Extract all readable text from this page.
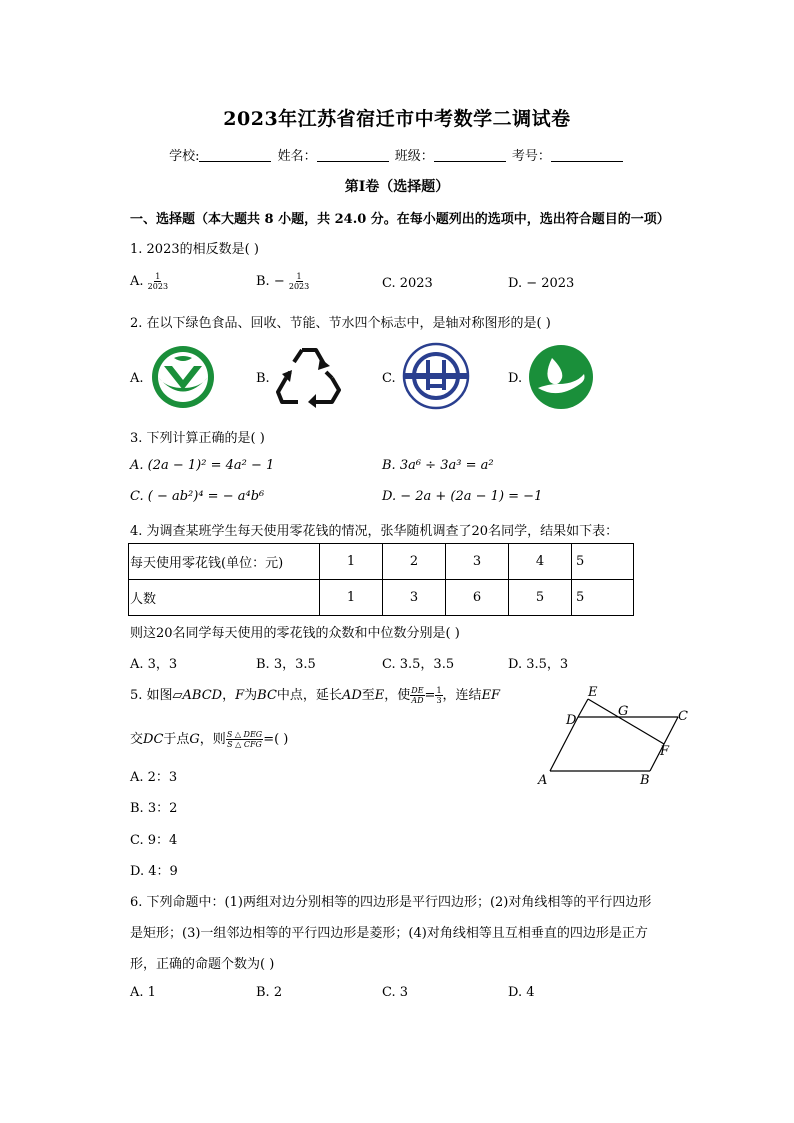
2023年江苏省宿迁市中考数学二调试卷
学校:	姓名：	班级：	考号：
第I卷（选择题）
一、选择题（本大题共 8 小题，共 24.0 分。在每小题列出的选项中，选出符合题目的一项）
1. 2023的相反数是( )
A. $\frac{1}{2023}$	B. − $\frac{1}{2023}$	C. 2023	D. − 2023
2. 在以下绿色食品、回收、节能、节水四个标志中，是轴对称图形的是( )
A.	B.	C.	D.
3. 下列计算正确的是( )
A. (2a − 1)² = 4a² − 1	B. 3a⁶ ÷ 3a³ = a²
C. ( − ab²)⁴ = − a⁴b⁶	D. − 2a + (2a − 1) = −1
4. 为调查某班学生每天使用零花钱的情况，张华随机调查了20名同学，结果如下表：
每天使用零花钱(单位：元)	1	2	3	4	5
人数	1	3	6	5	5
则这20名同学每天使用的零花钱的众数和中位数分别是( )
A. 3，3	B. 3，3.5	C. 3.5，3.5	D. 3.5，3
5. 如图▱ABCD，F为BC中点，延长AD至E，使 $\frac{DE}{AD} = \frac{1}{3}$ ，连结EF
交DC于点G，则 $\frac{\text{S △ DEG}}{\text{S △ CFG}}$ =( )
A. 2：3
B. 3：2
C. 9：4
D. 4：9
E
D
G	C
F
A	B
6. 下列命题中：(1)两组对边分别相等的四边形是平行四边形；(2)对角线相等的平行四边形
是矩形；(3)一组邻边相等的平行四边形是菱形；(4)对角线相等且互相垂直的四边形是正方
形，正确的命题个数为( )
A. 1	B. 2	C. 3	D. 4
